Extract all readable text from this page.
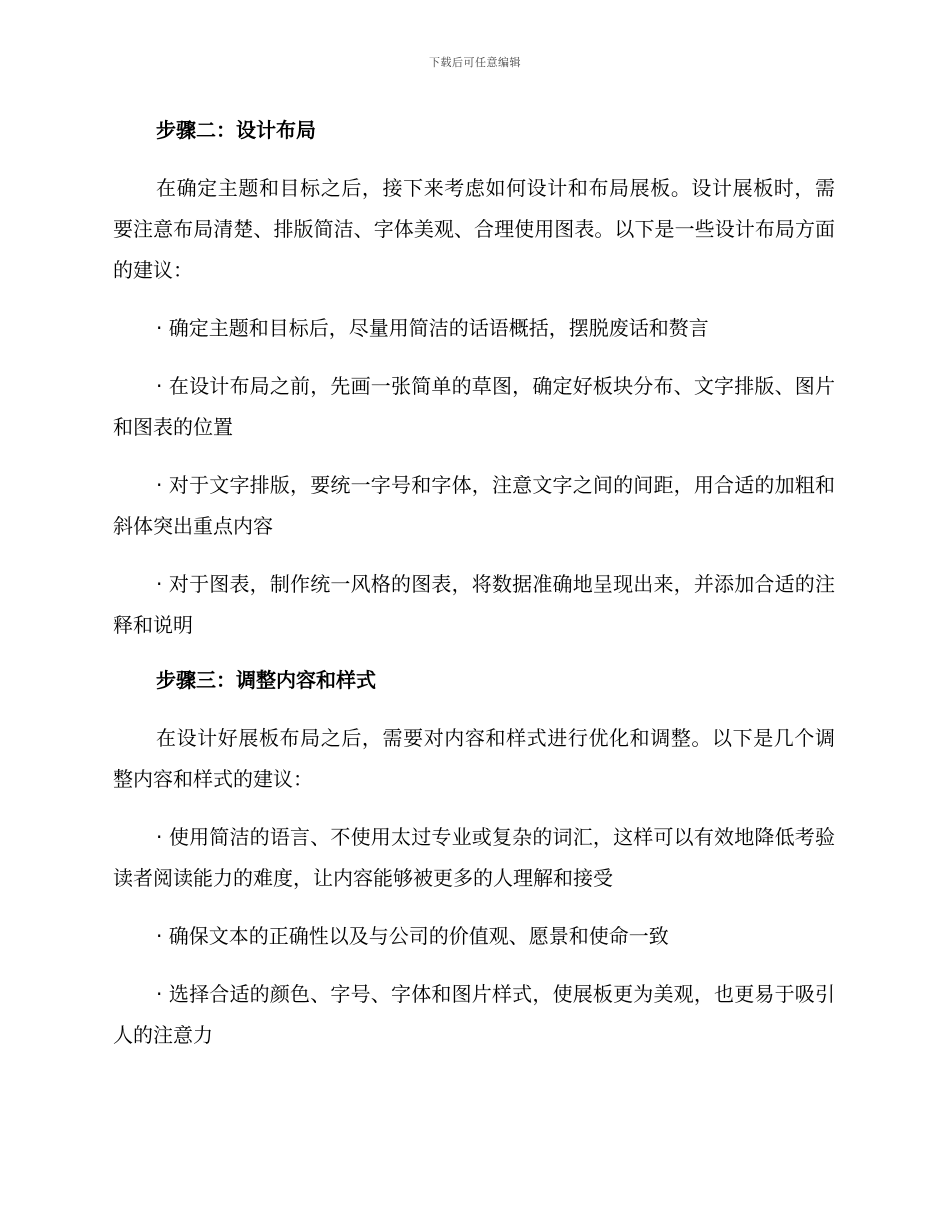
下载后可任意编辑
步骤二：设计布局

在确定主题和目标之后，接下来考虑如何设计和布局展板。设计展板时，需要注意布局清楚、排版简洁、字体美观、合理使用图表。以下是一些设计布局方面的建议：

· 确定主题和目标后，尽量用简洁的话语概括，摆脱废话和赘言

· 在设计布局之前，先画一张简单的草图，确定好板块分布、文字排版、图片和图表的位置

· 对于文字排版，要统一字号和字体，注意文字之间的间距，用合适的加粗和斜体突出重点内容

· 对于图表，制作统一风格的图表，将数据准确地呈现出来，并添加合适的注释和说明

步骤三：调整内容和样式

在设计好展板布局之后，需要对内容和样式进行优化和调整。以下是几个调整内容和样式的建议：

· 使用简洁的语言、不使用太过专业或复杂的词汇，这样可以有效地降低考验读者阅读能力的难度，让内容能够被更多的人理解和接受

· 确保文本的正确性以及与公司的价值观、愿景和使命一致

· 选择合适的颜色、字号、字体和图片样式，使展板更为美观，也更易于吸引人的注意力
